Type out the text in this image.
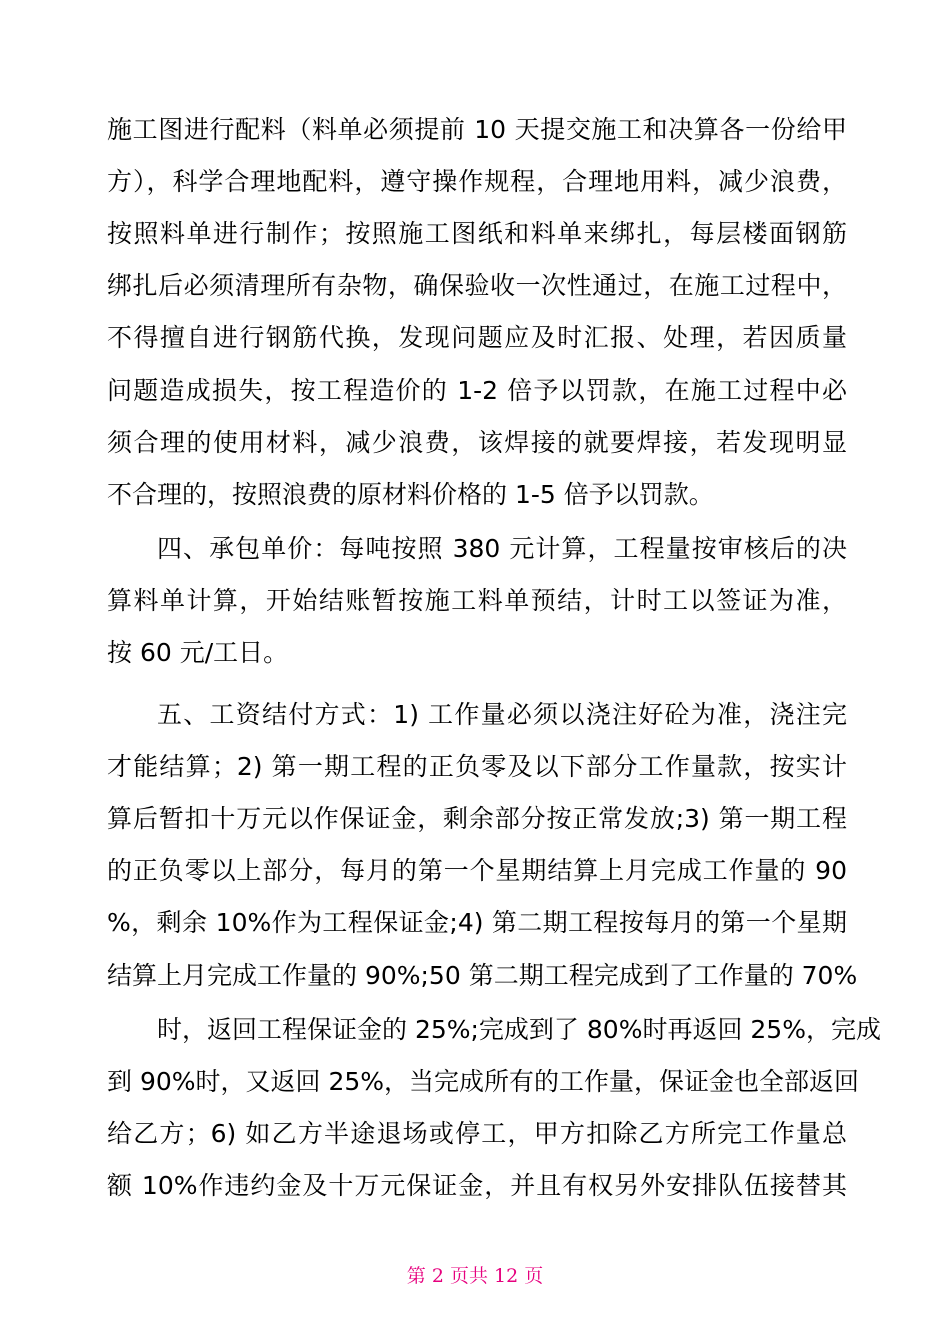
施工图进行配料（料单必须提前 10 天提交施工和决算各一份给甲
方），科学合理地配料，遵守操作规程，合理地用料，减少浪费，
按照料单进行制作；按照施工图纸和料单来绑扎，每层楼面钢筋
绑扎后必须清理所有杂物，确保验收一次性通过，在施工过程中，
不得擅自进行钢筋代换，发现问题应及时汇报、处理，若因质量
问题造成损失，按工程造价的 1-2 倍予以罚款，在施工过程中必
须合理的使用材料，减少浪费，该焊接的就要焊接，若发现明显
不合理的，按照浪费的原材料价格的 1-5 倍予以罚款。
四、承包单价：每吨按照 380 元计算，工程量按审核后的决
算料单计算，开始结账暂按施工料单预结，计时工以签证为准，
按 60 元/工日。
五、工资结付方式：1) 工作量必须以浇注好砼为准，浇注完
才能结算；2) 第一期工程的正负零及以下部分工作量款，按实计
算后暂扣十万元以作保证金，剩余部分按正常发放;3) 第一期工程
的正负零以上部分，每月的第一个星期结算上月完成工作量的 90
%，剩余 10%作为工程保证金;4) 第二期工程按每月的第一个星期
结算上月完成工作量的 90%;50 第二期工程完成到了工作量的 70%
时，返回工程保证金的 25%;完成到了 80%时再返回 25%，完成
到 90%时，又返回 25%，当完成所有的工作量，保证金也全部返回
给乙方；6) 如乙方半途退场或停工，甲方扣除乙方所完工作量总
额 10%作违约金及十万元保证金，并且有权另外安排队伍接替其
第 2 页共 12 页
